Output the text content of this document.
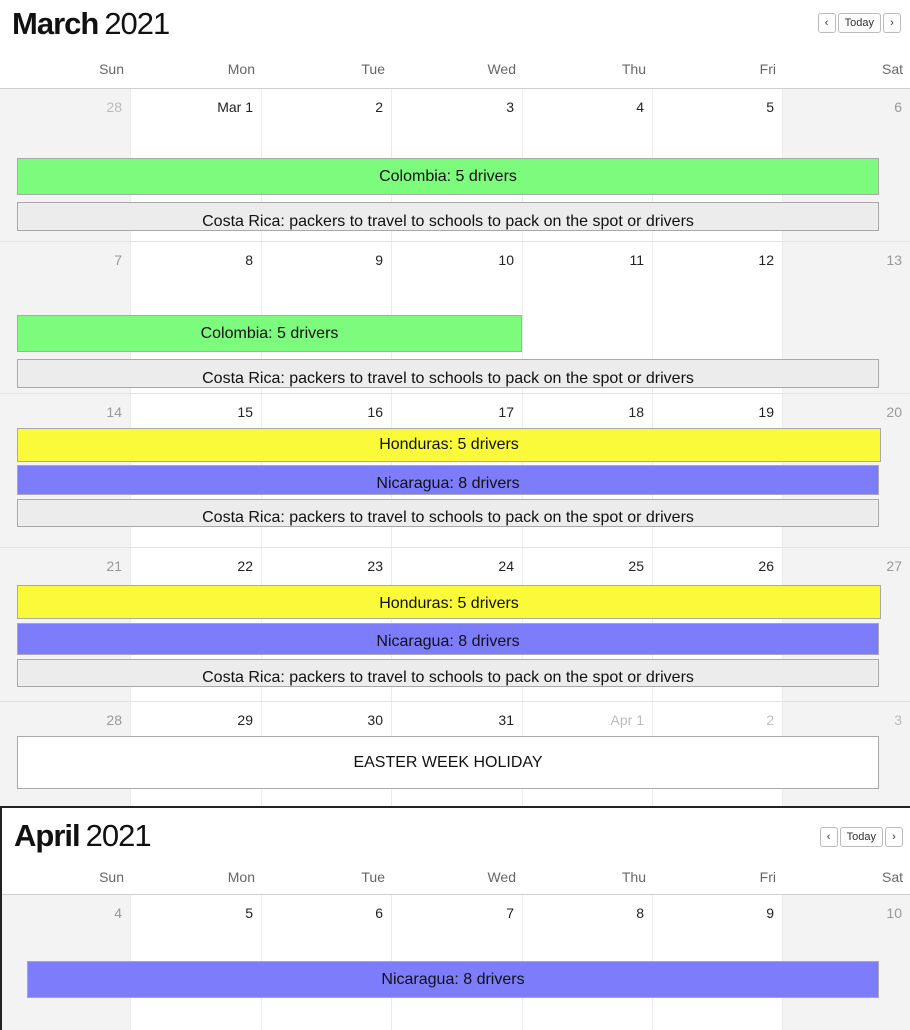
March 2021	‹	Today	›
Sun	Mon	Tue	Wed	Thu	Fri	Sat
28	Mar 1	2	3	4	5	6
Colombia: 5 drivers
Costa Rica: packers to travel to schools to pack on the spot or drivers
7	8	9	10	11	12	13
Colombia: 5 drivers
Costa Rica: packers to travel to schools to pack on the spot or drivers
14	15	16	17	18	19	20
Honduras: 5 drivers
Nicaragua: 8 drivers
Costa Rica: packers to travel to schools to pack on the spot or drivers
21	22	23	24	25	26	27
Honduras: 5 drivers
Nicaragua: 8 drivers
Costa Rica: packers to travel to schools to pack on the spot or drivers
28	29	30	31	Apr 1	2	3
EASTER WEEK HOLIDAY
April 2021	‹	Today	›
Sun	Mon	Tue	Wed	Thu	Fri	Sat
4	5	6	7	8	9	10
Nicaragua: 8 drivers
